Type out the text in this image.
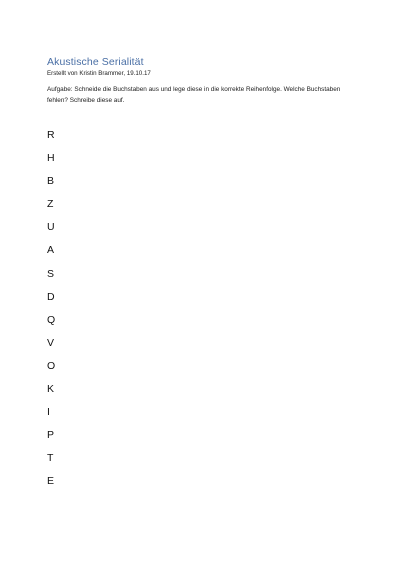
Akustische Serialität
Erstellt von Kristin Brammer, 19.10.17
Aufgabe: Schneide die Buchstaben aus und lege diese in die korrekte Reihenfolge. Welche Buchstaben fehlen? Schreibe diese auf.
R
H
B
Z
U
A
S
D
Q
V
O
K
I
P
T
E
